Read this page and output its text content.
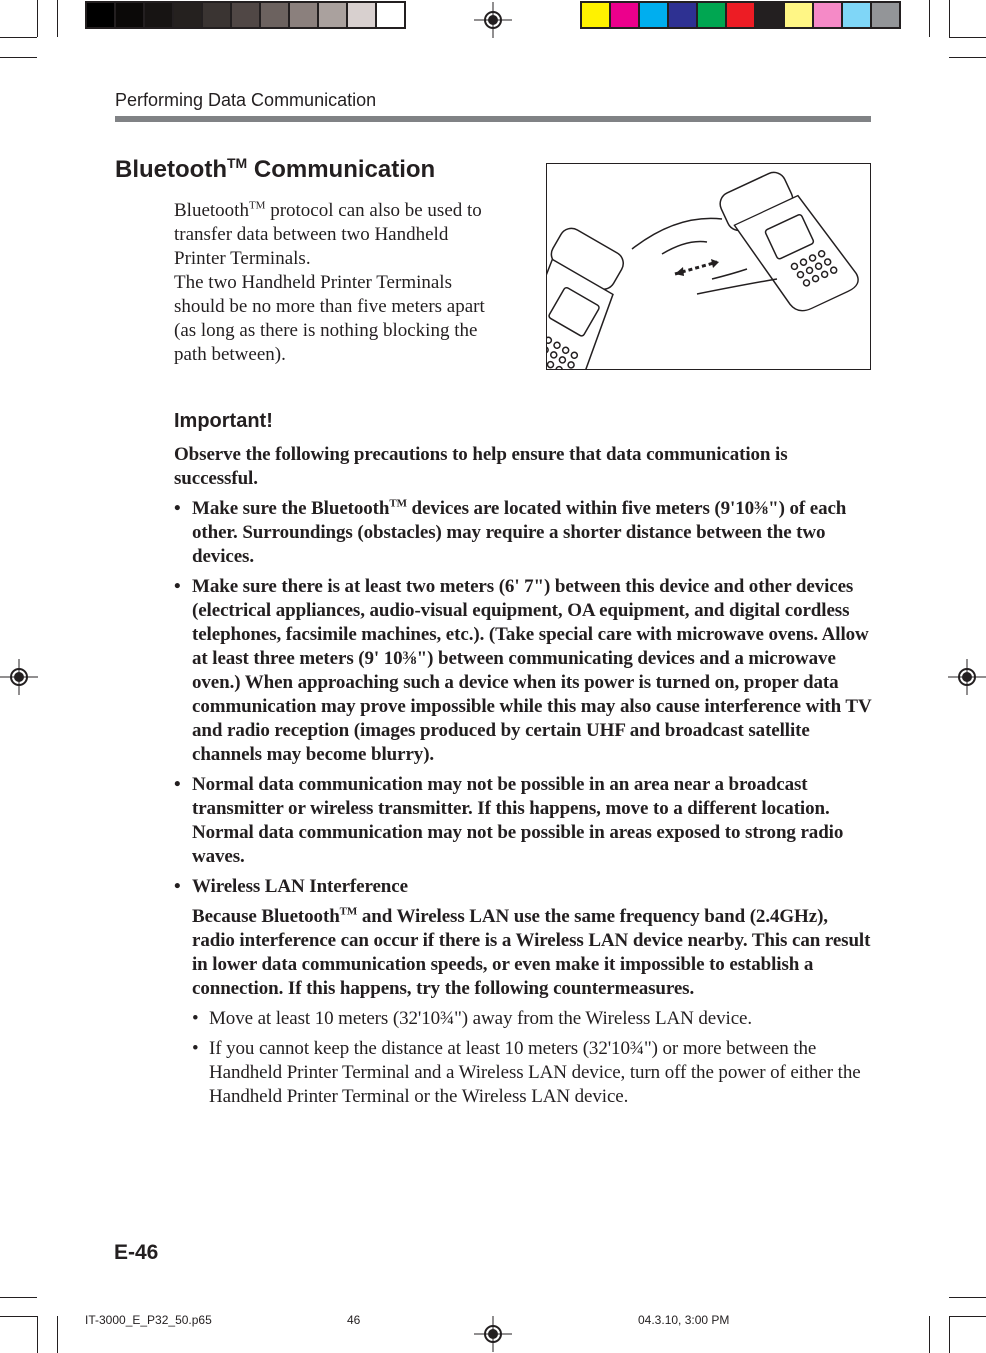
Performing Data Communication
Bluetooth™ Communication
Bluetooth™ protocol can also be used to transfer data between two Handheld Printer Terminals.
The two Handheld Printer Terminals should be no more than five meters apart (as long as there is nothing blocking the path between).
Important!

Observe the following precautions to help ensure that data communication is successful.

• Make sure the Bluetooth™ devices are located within five meters (9'10⅜") of each other. Surroundings (obstacles) may require a shorter distance between the two devices.
• Make sure there is at least two meters (6' 7") between this device and other devices (electrical appliances, audio-visual equipment, OA equipment, and digital cordless telephones, facsimile machines, etc.). (Take special care with microwave ovens. Allow at least three meters (9' 10⅜") between communicating devices and a microwave oven.) When approaching such a device when its power is turned on, proper data communication may prove impossible while this may also cause interference with TV and radio reception (images produced by certain UHF and broadcast satellite channels may become blurry).
• Normal data communication may not be possible in an area near a broadcast transmitter or wireless transmitter. If this happens, move to a different location. Normal data communication may not be possible in areas exposed to strong radio waves.
• Wireless LAN Interference
Because Bluetooth™ and Wireless LAN use the same frequency band (2.4GHz), radio interference can occur if there is a Wireless LAN device nearby. This can result in lower data communication speeds, or even make it impossible to establish a connection. If this happens, try the following countermeasures.
• Move at least 10 meters (32'10¾") away from the Wireless LAN device.
• If you cannot keep the distance at least 10 meters (32'10¾") or more between the Handheld Printer Terminal and a Wireless LAN device, turn off the power of either the Handheld Printer Terminal or the Wireless LAN device.
E-46
IT-3000_E_P32_50.p65	46	04.3.10, 3:00 PM
